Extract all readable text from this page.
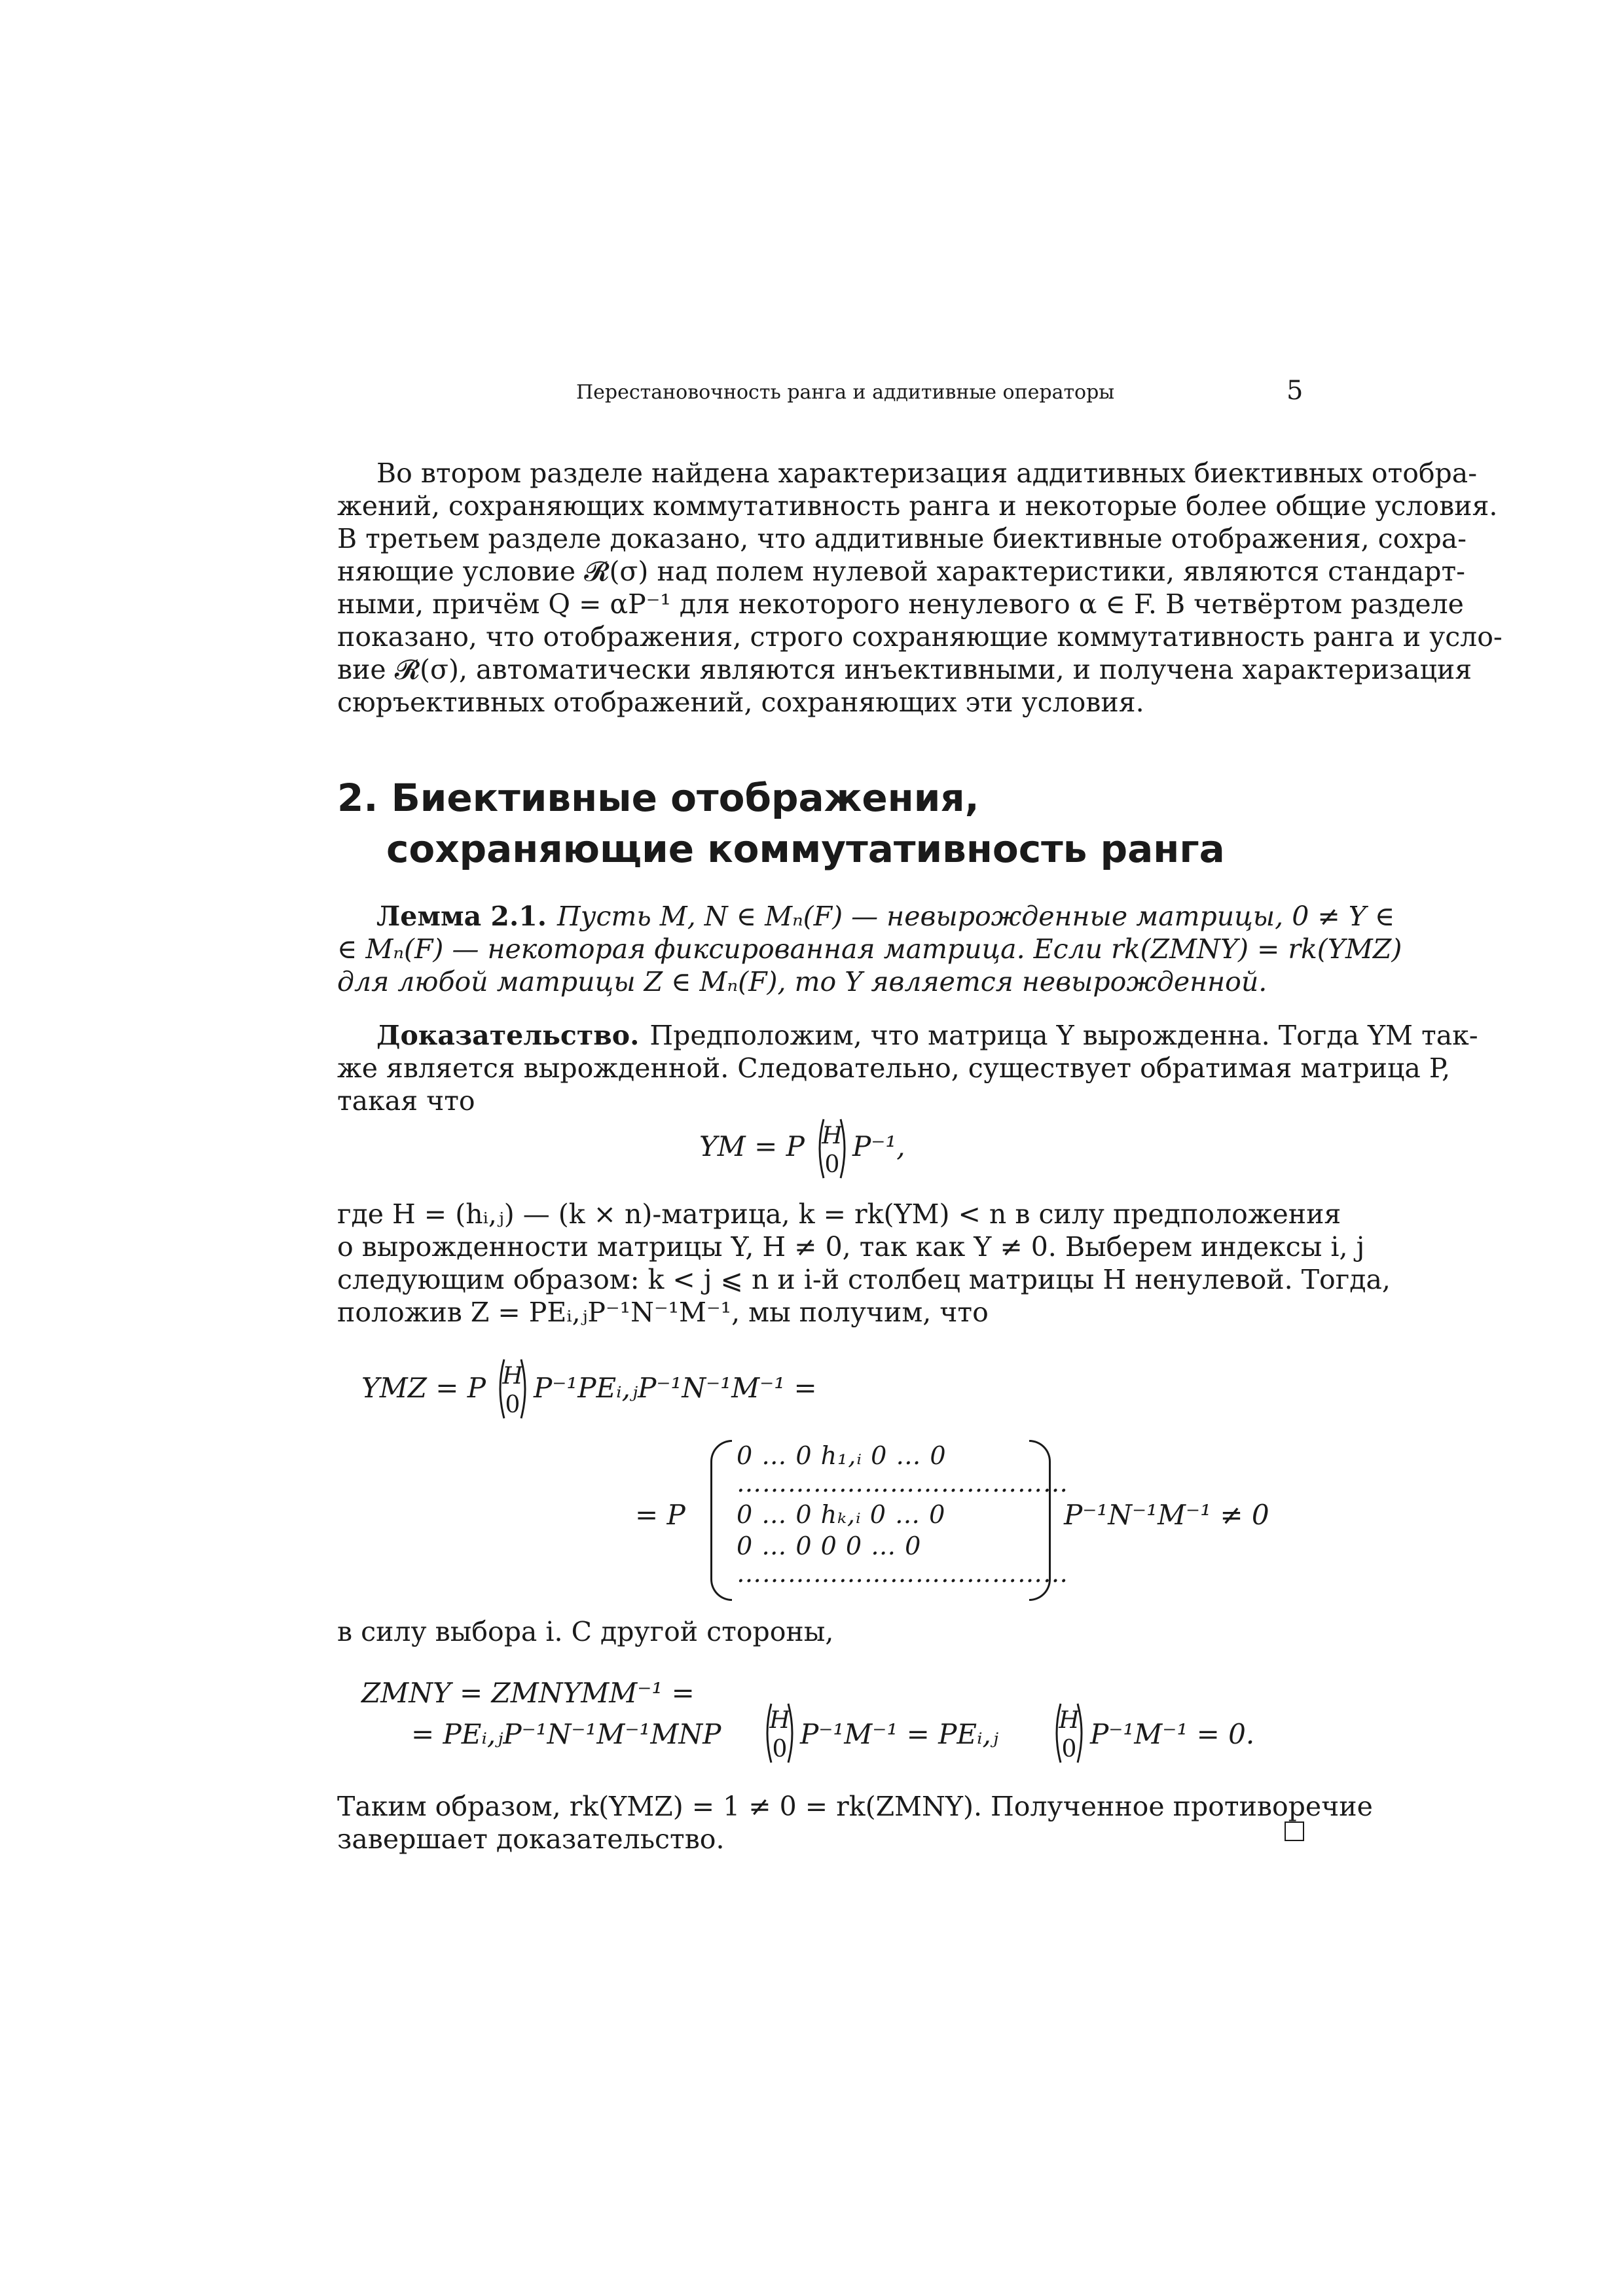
Перестановочность ранга и аддитивные операторы	5
Во втором разделе найдена характеризация аддитивных биективных отобра-
жений, сохраняющих коммутативность ранга и некоторые более общие условия.
В третьем разделе доказано, что аддитивные биективные отображения, сохра-
няющие условие 𝓡(σ) над полем нулевой характеристики, являются стандарт-
ными, причём Q = αP⁻¹ для некоторого ненулевого α ∈ F. В четвёртом разделе
показано, что отображения, строго сохраняющие коммутативность ранга и усло-
вие 𝓡(σ), автоматически являются инъективными, и получена характеризация
сюръективных отображений, сохраняющих эти условия.
2. Биективные отображения,
сохраняющие коммутативность ранга
Лемма 2.1. Пусть M, N ∈ Mₙ(F) — невырожденные матрицы, 0 ≠ Y ∈
∈ Mₙ(F) — некоторая фиксированная матрица. Если rk(ZMNY) = rk(YMZ)
для любой матрицы Z ∈ Mₙ(F), то Y является невырожденной.
Доказательство. Предположим, что матрица Y вырожденна. Тогда YM так-
же является вырожденной. Следовательно, существует обратимая матрица P,
такая что
YM = P H
0
P⁻¹,
где H = (hᵢ,ⱼ) — (k × n)-матрица, k = rk(YM) < n в силу предположения
о вырожденности матрицы Y, H ≠ 0, так как Y ≠ 0. Выберем индексы i, j
следующим образом: k < j ⩽ n и i-й столбец матрицы H ненулевой. Тогда,
положив Z = PEᵢ,ⱼP⁻¹N⁻¹M⁻¹, мы получим, что
YMZ = P H
0
P⁻¹PEᵢ,ⱼP⁻¹N⁻¹M⁻¹ =
= P
0 … 0 h₁,ᵢ 0 … 0
…………………………………
0 … 0 hₖ,ᵢ 0 … 0
0 … 0 0 0 … 0
…………………………………
P⁻¹N⁻¹M⁻¹ ≠ 0
в силу выбора i. С другой стороны,
ZMNY = ZMNYMM⁻¹ =
= PEᵢ,ⱼP⁻¹N⁻¹M⁻¹MNP H
0 P⁻¹M⁻¹ = PEᵢ,ⱼ	H
0 P⁻¹M⁻¹ = 0.
Таким образом, rk(YMZ) = 1 ≠ 0 = rk(ZMNY). Полученное противоречие
завершает доказательство.
